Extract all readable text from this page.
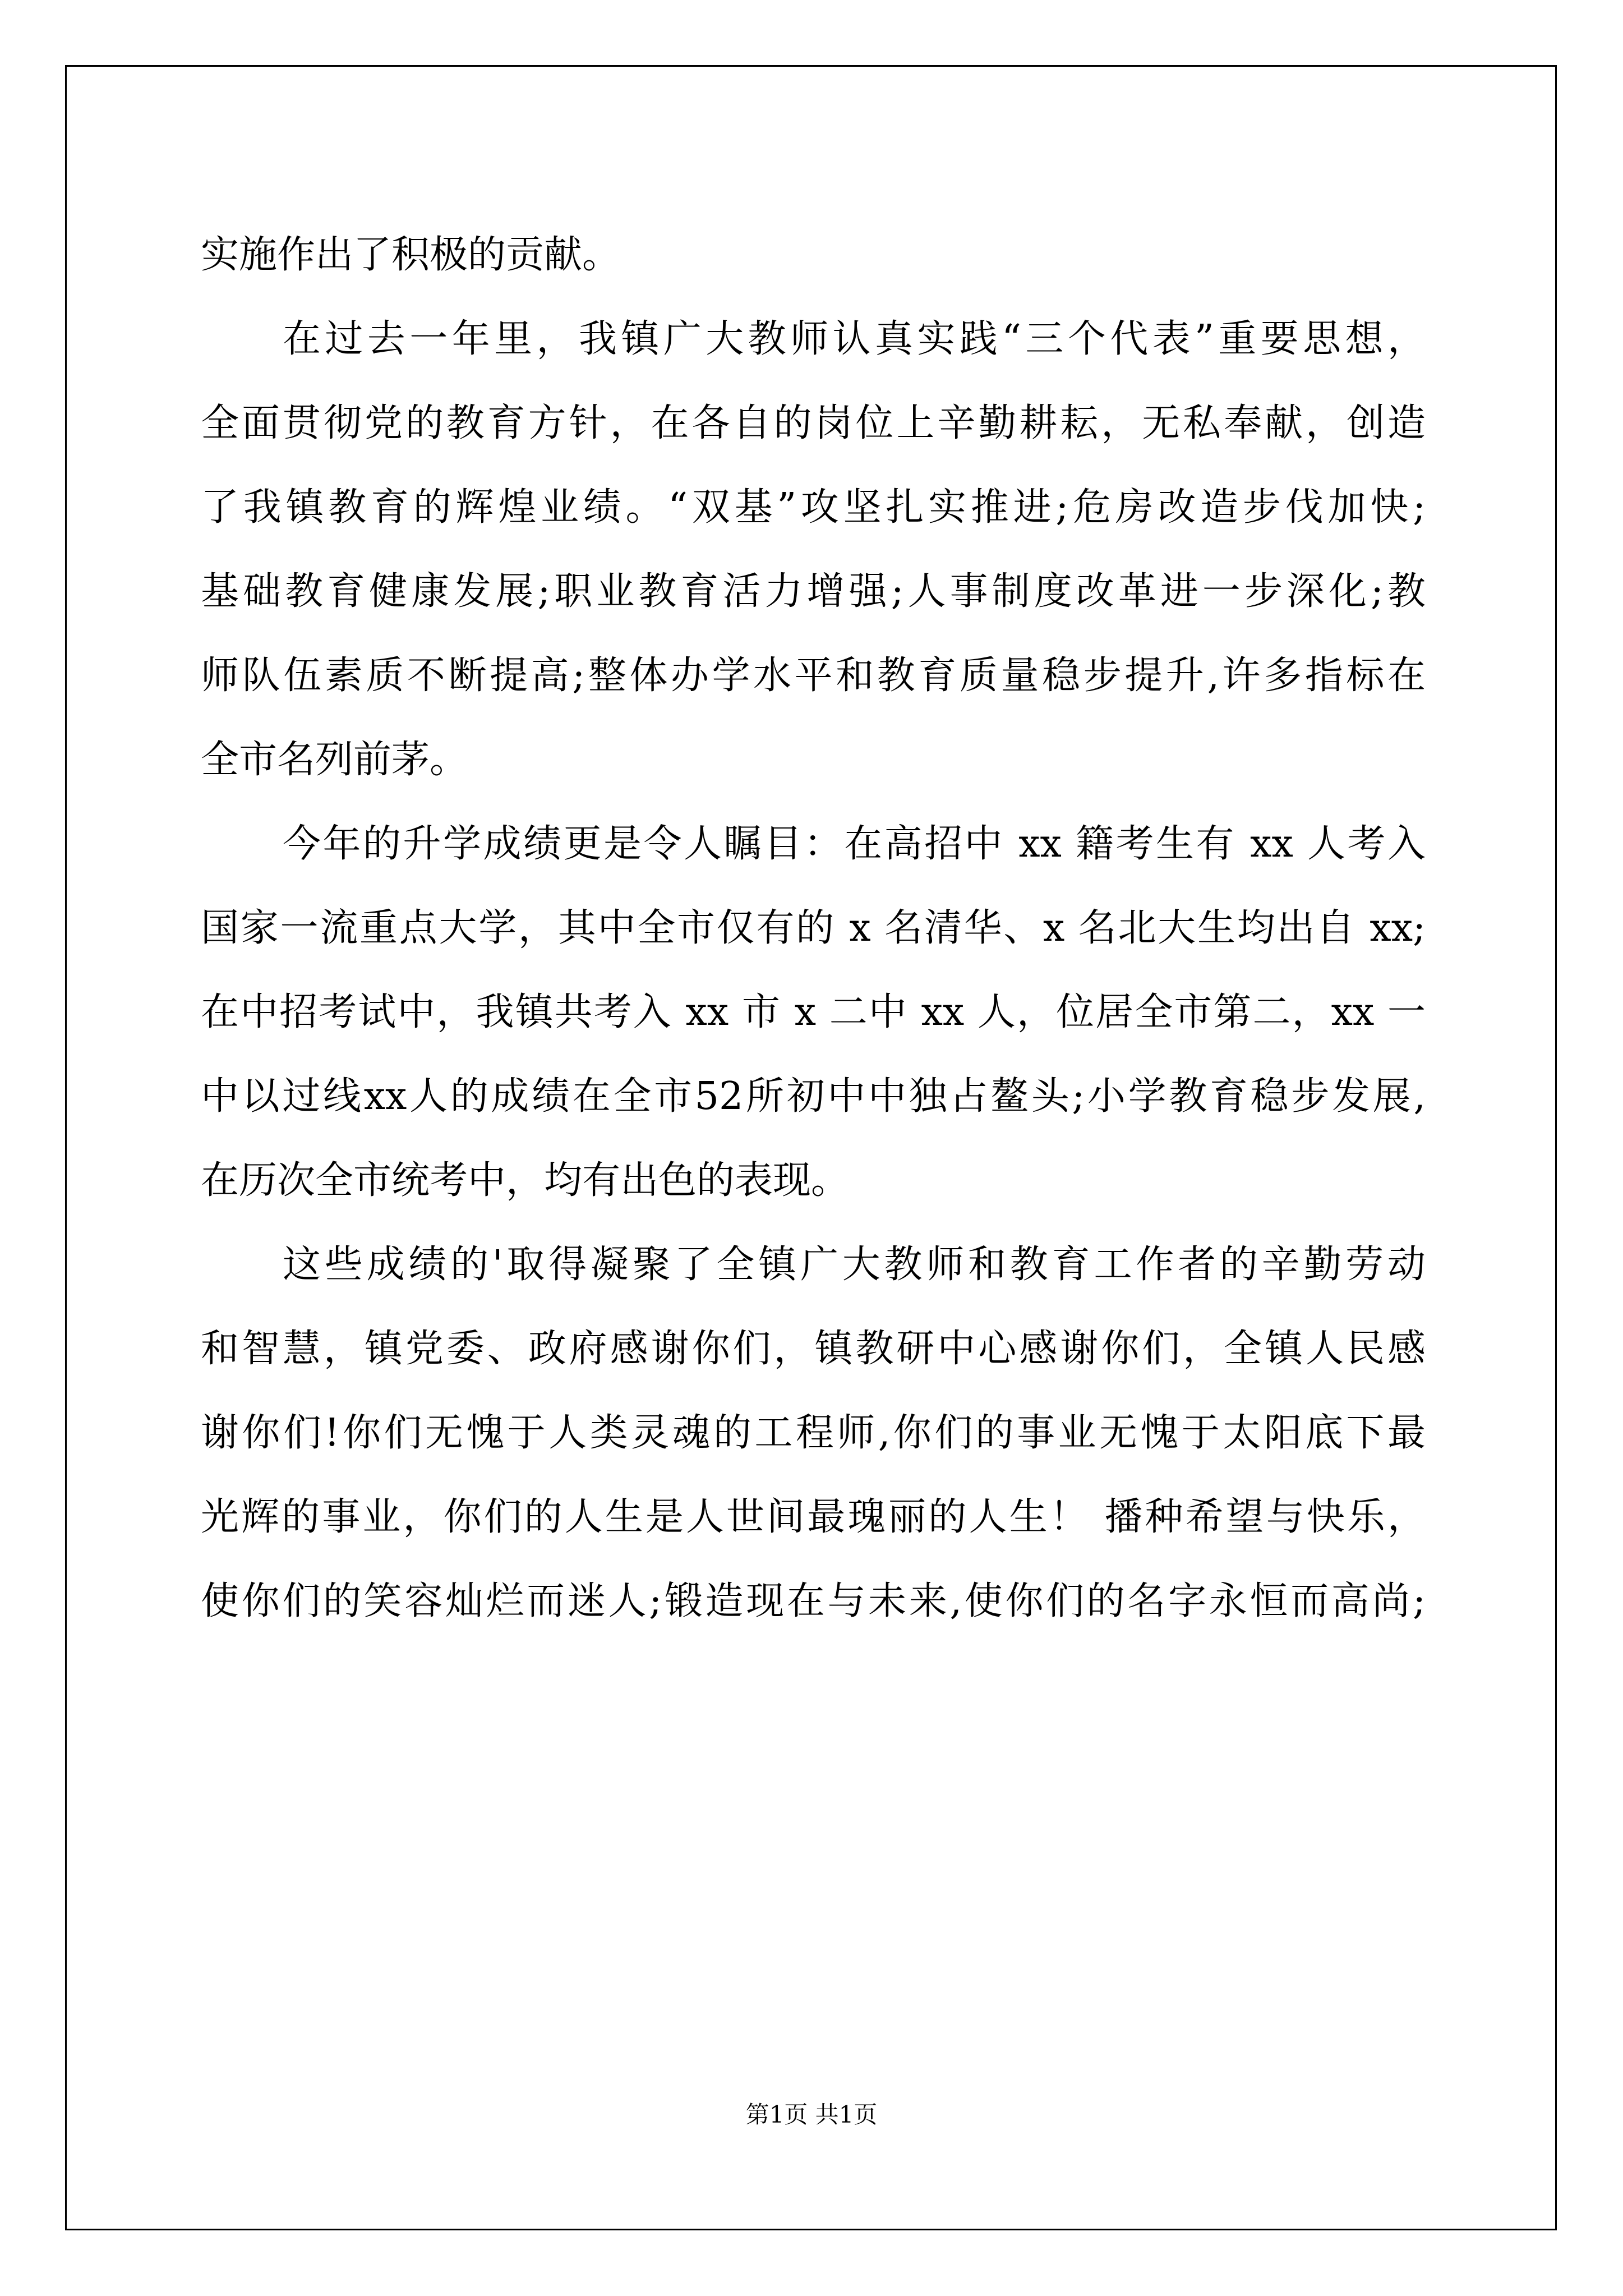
实施作出了积极的贡献。
在过去一年里，我镇广大教师认真实践“三个代表”重要思想，
全面贯彻党的教育方针，在各自的岗位上辛勤耕耘，无私奉献，创造
了我镇教育的辉煌业绩。“双基”攻坚扎实推进;危房改造步伐加快;
基础教育健康发展;职业教育活力增强;人事制度改革进一步深化;教
师队伍素质不断提高;整体办学水平和教育质量稳步提升,许多指标在
全市名列前茅。
今年的升学成绩更是令人瞩目：在高招中 xx 籍考生有 xx 人考入
国家一流重点大学，其中全市仅有的 x 名清华、x 名北大生均出自 xx;
在中招考试中，我镇共考入 xx 市 x 二中 xx 人，位居全市第二，xx 一
中以过线xx人的成绩在全市52所初中中独占鳌头;小学教育稳步发展,
在历次全市统考中，均有出色的表现。
这些成绩的'取得凝聚了全镇广大教师和教育工作者的辛勤劳动
和智慧，镇党委、政府感谢你们，镇教研中心感谢你们，全镇人民感
谢你们!你们无愧于人类灵魂的工程师,你们的事业无愧于太阳底下最
光辉的事业，你们的人生是人世间最瑰丽的人生！ 播种希望与快乐，
使你们的笑容灿烂而迷人;锻造现在与未来,使你们的名字永恒而高尚;
第1页 共1页
